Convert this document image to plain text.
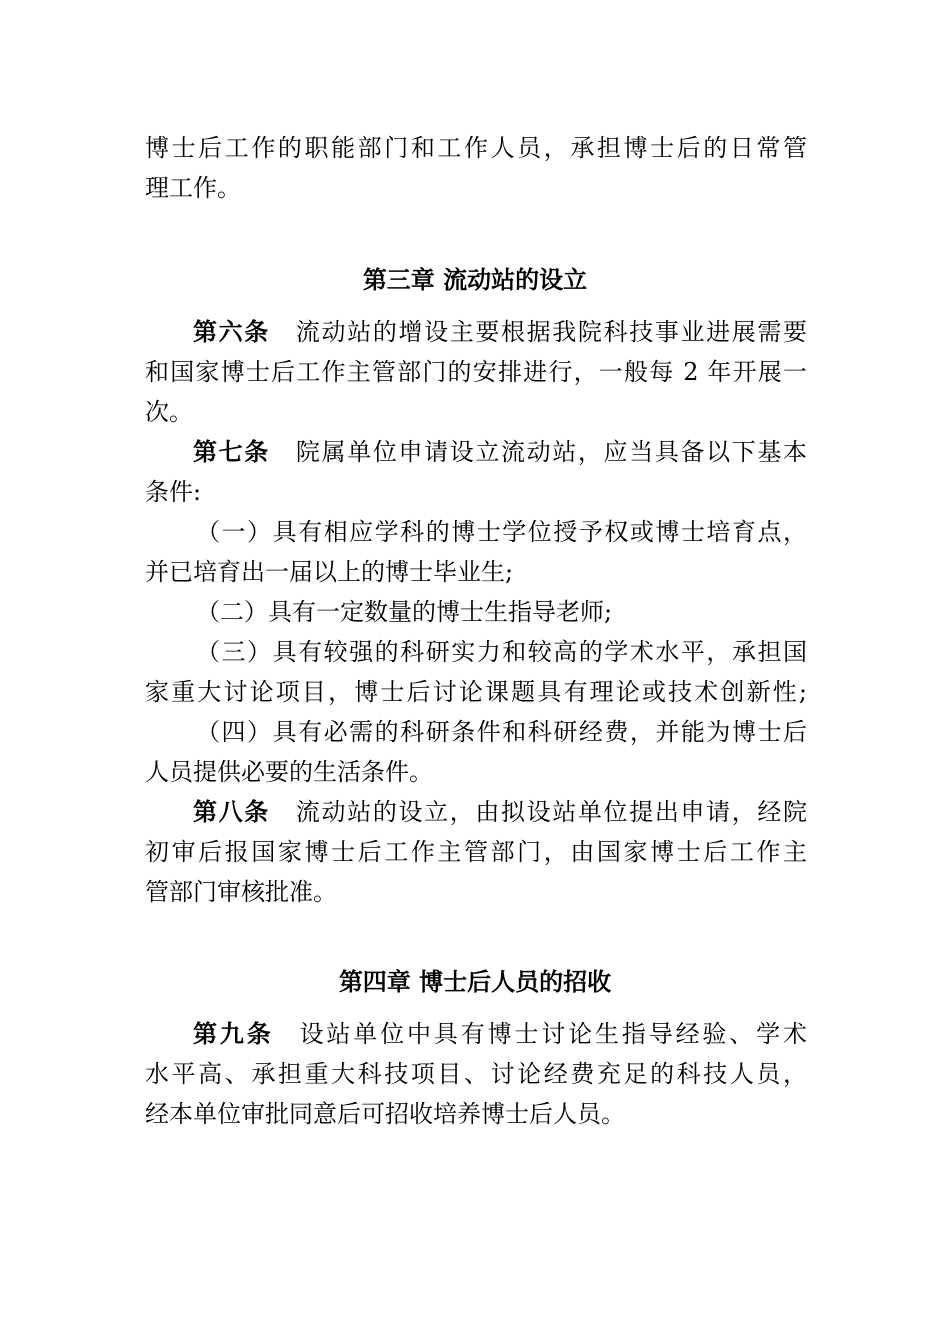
博士后工作的职能部门和工作人员，承担博士后的日常管
理工作。
第三章 流动站的设立
第六条 流动站的增设主要根据我院科技事业进展需要
和国家博士后工作主管部门的安排进行，一般每 2 年开展一
次。
第七条 院属单位申请设立流动站，应当具备以下基本
条件:
（一）具有相应学科的博士学位授予权或博士培育点，
并已培育出一届以上的博士毕业生;
（二）具有一定数量的博士生指导老师;
（三）具有较强的科研实力和较高的学术水平，承担国
家重大讨论项目，博士后讨论课题具有理论或技术创新性;
（四）具有必需的科研条件和科研经费，并能为博士后
人员提供必要的生活条件。
第八条 流动站的设立，由拟设站单位提出申请，经院
初审后报国家博士后工作主管部门，由国家博士后工作主
管部门审核批准。
第四章 博士后人员的招收
第九条 设站单位中具有博士讨论生指导经验、学术
水平高、承担重大科技项目、讨论经费充足的科技人员，
经本单位审批同意后可招收培养博士后人员。
